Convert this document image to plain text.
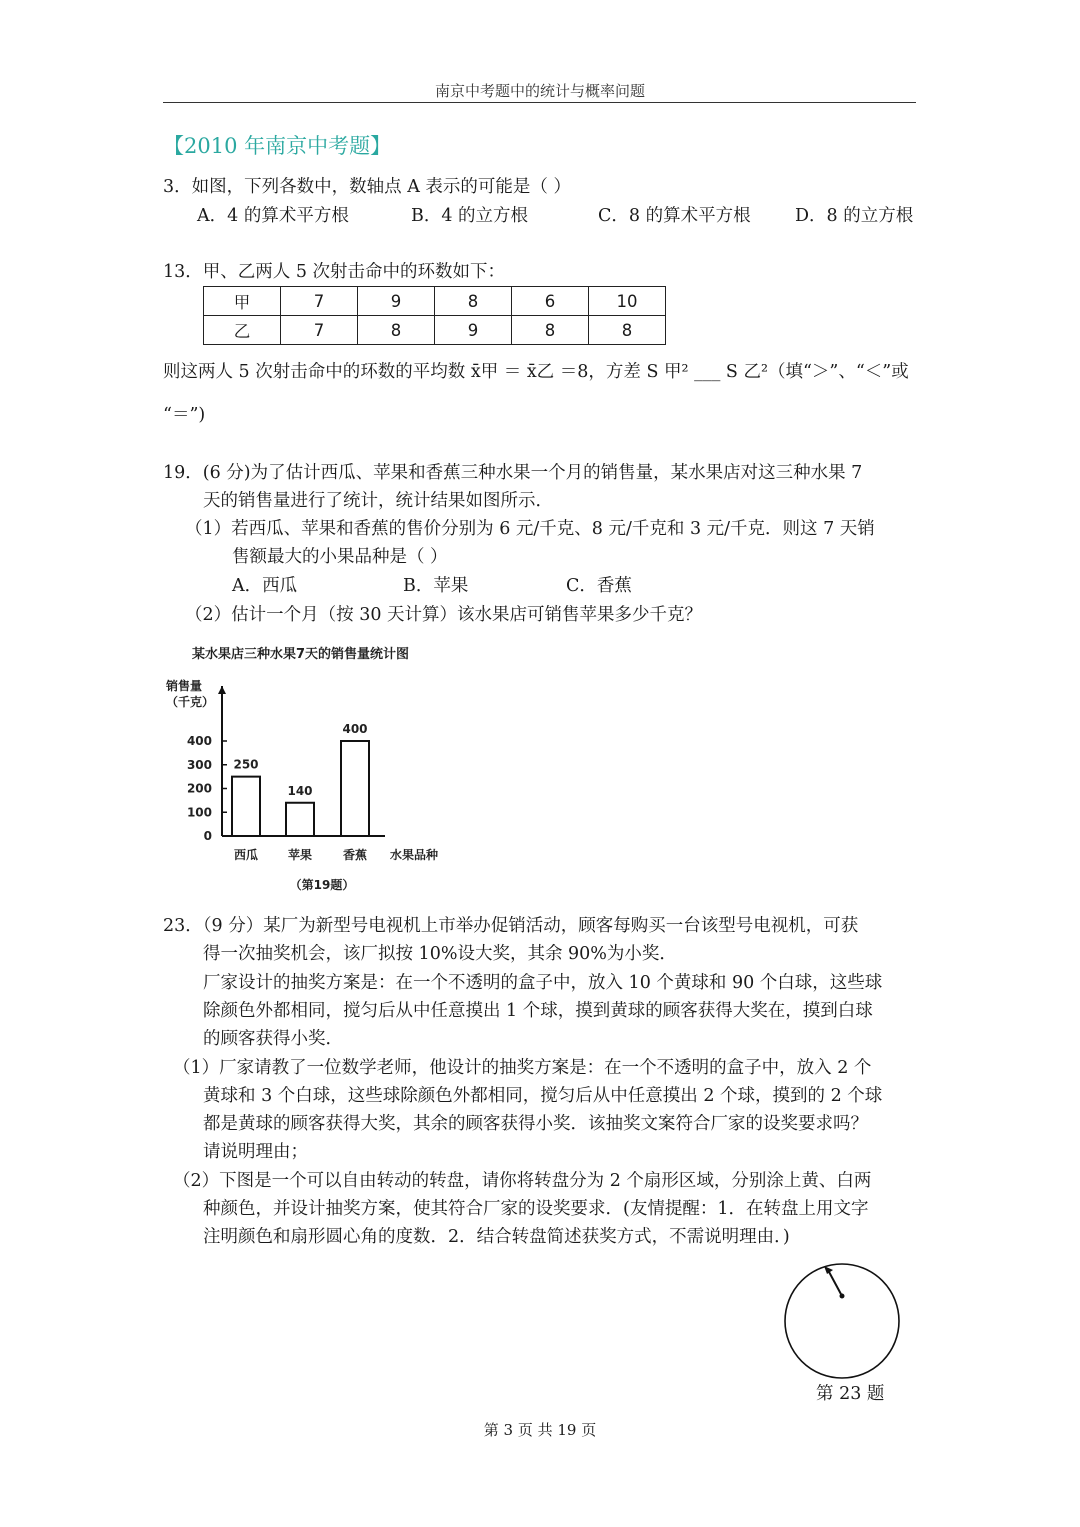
南京中考题中的统计与概率问题
【2010 年南京中考题】
3．如图，下列各数中，数轴点 A 表示的可能是（ ）
A．4 的算术平方根	B．4 的立方根	C．8 的算术平方根	D．8 的立方根
13．甲、乙两人 5 次射击命中的环数如下：
甲	7	9	8	6	10
乙	7	8	9	8	8
则这两人 5 次射击命中的环数的平均数 x̄甲 ＝ x̄乙 ＝8，方差 S 甲² ___ S 乙²（填“＞”、“＜”或
“＝”)
19．(6 分)为了估计西瓜、苹果和香蕉三种水果一个月的销售量，某水果店对这三种水果 7
天的销售量进行了统计，统计结果如图所示．
（1）若西瓜、苹果和香蕉的售价分别为 6 元/千克、8 元/千克和 3 元/千克．则这 7 天销
售额最大的小果品种是（ ）
A．西瓜	B．苹果	C．香蕉
（2）估计一个月（按 30 天计算）该水果店可销售苹果多少千克？
某水果店三种水果7天的销售量统计图
销售量
（千克）
0
100
200
300
400
250
西瓜
140
苹果
400
香蕉 水果品种
（第19题）
23．（9 分）某厂为新型号电视机上市举办促销活动，顾客每购买一台该型号电视机，可获
得一次抽奖机会，该厂拟按 10%设大奖，其余 90%为小奖．
厂家设计的抽奖方案是：在一个不透明的盒子中，放入 10 个黄球和 90 个白球，这些球
除颜色外都相同，搅匀后从中任意摸出 1 个球，摸到黄球的顾客获得大奖在，摸到白球
的顾客获得小奖．
（1）厂家请教了一位数学老师，他设计的抽奖方案是：在一个不透明的盒子中，放入 2 个
黄球和 3 个白球，这些球除颜色外都相同，搅匀后从中任意摸出 2 个球，摸到的 2 个球
都是黄球的顾客获得大奖，其余的顾客获得小奖．该抽奖文案符合厂家的设奖要求吗？
请说明理由；
（2）下图是一个可以自由转动的转盘，请你将转盘分为 2 个扇形区域，分别涂上黄、白两
种颜色，并设计抽奖方案，使其符合厂家的设奖要求．(友情提醒：1．在转盘上用文字
注明颜色和扇形圆心角的度数．2．结合转盘简述获奖方式，不需说明理由．)
第 23 题
第 3 页 共 19 页
